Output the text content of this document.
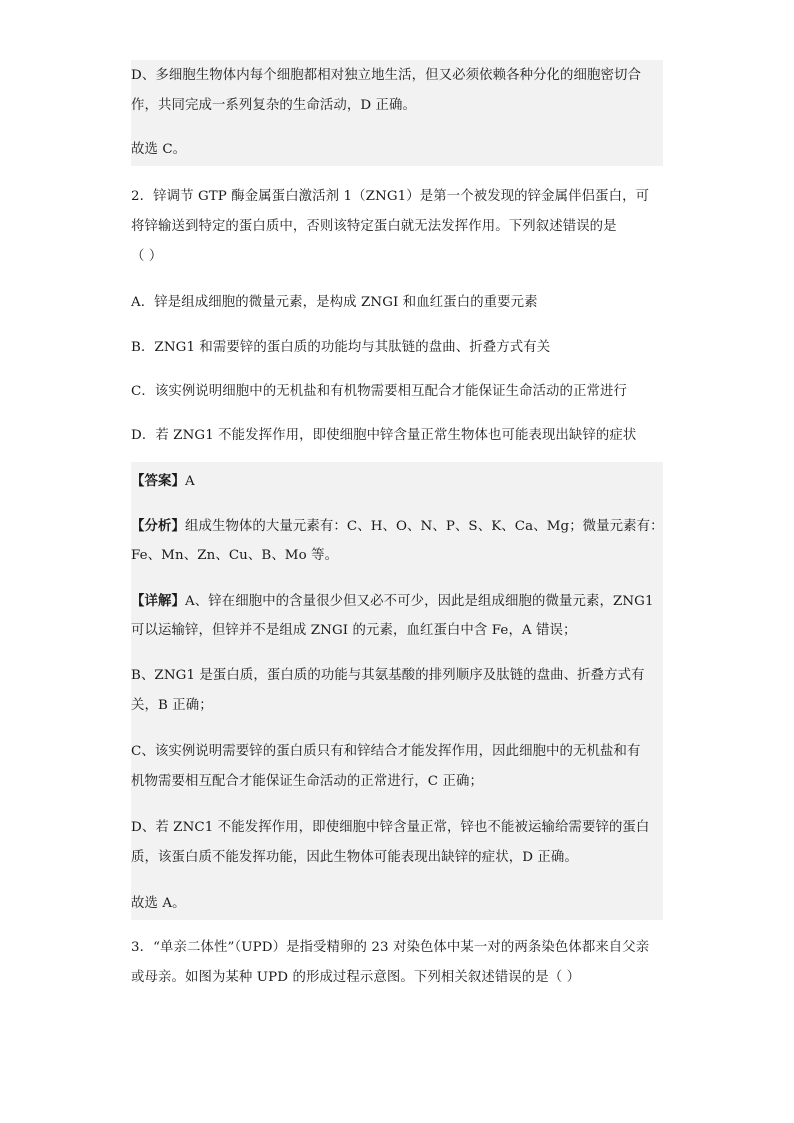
D、多细胞生物体内每个细胞都相对独立地生活，但又必须依赖各种分化的细胞密切合
作，共同完成一系列复杂的生命活动，D 正确。
故选 C。
2．锌调节 GTP 酶金属蛋白激活剂 1（ZNG1）是第一个被发现的锌金属伴侣蛋白，可
将锌输送到特定的蛋白质中，否则该特定蛋白就无法发挥作用。下列叙述错误的是
（ ）
A．锌是组成细胞的微量元素，是构成 ZNGI 和血红蛋白的重要元素
B．ZNG1 和需要锌的蛋白质的功能均与其肽链的盘曲、折叠方式有关
C．该实例说明细胞中的无机盐和有机物需要相互配合才能保证生命活动的正常进行
D．若 ZNG1 不能发挥作用，即使细胞中锌含量正常生物体也可能表现出缺锌的症状
【答案】A
【分析】组成生物体的大量元素有：C、H、O、N、P、S、K、Ca、Mg；微量元素有：
Fe、Mn、Zn、Cu、B、Mo 等。
【详解】A、锌在细胞中的含量很少但又必不可少，因此是组成细胞的微量元素，ZNG1
可以运输锌，但锌并不是组成 ZNGI 的元素，血红蛋白中含 Fe，A 错误；
B、ZNG1 是蛋白质，蛋白质的功能与其氨基酸的排列顺序及肽链的盘曲、折叠方式有
关，B 正确；
C、该实例说明需要锌的蛋白质只有和锌结合才能发挥作用，因此细胞中的无机盐和有
机物需要相互配合才能保证生命活动的正常进行，C 正确；
D、若 ZNC1 不能发挥作用，即使细胞中锌含量正常，锌也不能被运输给需要锌的蛋白
质，该蛋白质不能发挥功能，因此生物体可能表现出缺锌的症状，D 正确。
故选 A。
3．“单亲二体性”（UPD）是指受精卵的 23 对染色体中某一对的两条染色体都来自父亲
或母亲。如图为某种 UPD 的形成过程示意图。下列相关叙述错误的是（ ）
